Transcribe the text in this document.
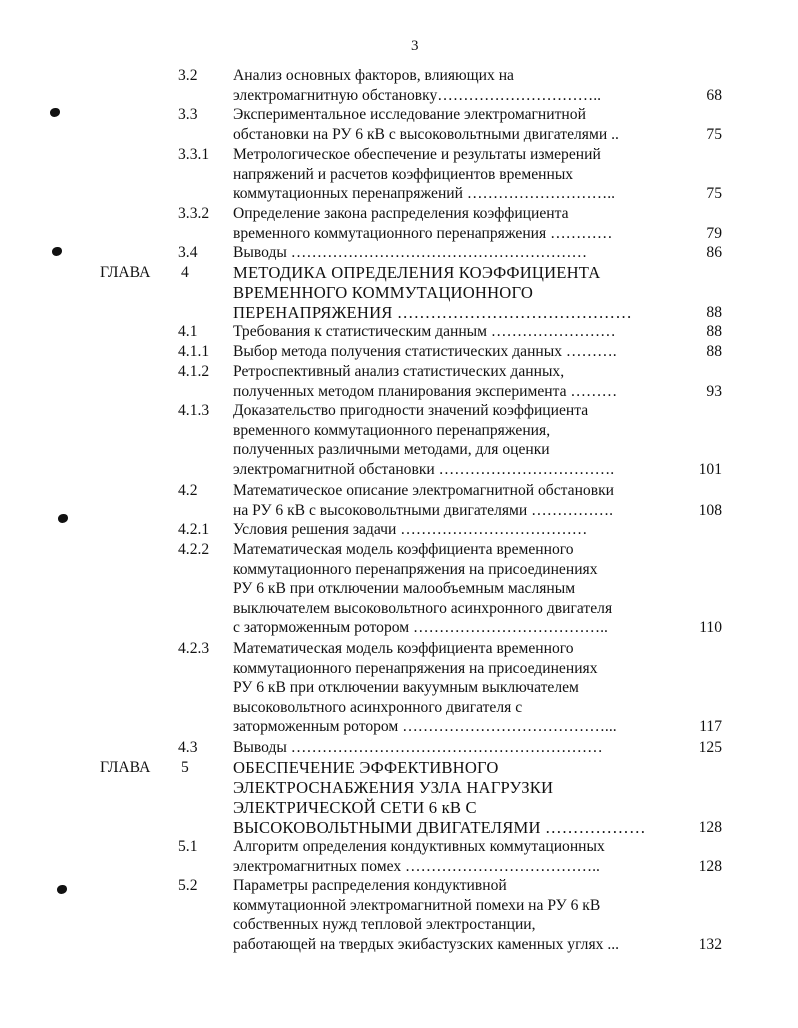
3
3.2 Анализ основных факторов, влияющих на
электромагнитную обстановку…………………………..	68
3.3 Экспериментальное исследование электромагнитной
обстановки на РУ 6 кВ с высоковольтными двигателями ..	75
3.3.1 Метрологическое обеспечение и результаты измерений
напряжений и расчетов коэффициентов временных
коммутационных перенапряжений ………………………..	75
3.3.2 Определение закона распределения коэффициента
временного коммутационного перенапряжения …………	79
3.4 Выводы …………………………………………………	86
ГЛАВА 4	МЕТОДИКА ОПРЕДЕЛЕНИЯ КОЭФФИЦИЕНТА
ВРЕМЕННОГО КОММУТАЦИОННОГО
ПЕРЕНАПРЯЖЕНИЯ ……………………………………	88
4.1 Требования к статистическим данным ……………………	88
4.1.1 Выбор метода получения статистических данных ……….	88
4.1.2 Ретроспективный анализ статистических данных,
полученных методом планирования эксперимента ………	93
4.1.3 Доказательство пригодности значений коэффициента
временного коммутационного перенапряжения,
полученных различными методами, для оценки
электромагнитной обстановки …………………………….	101
4.2 Математическое описание электромагнитной обстановки
на РУ 6 кВ с высоковольтными двигателями …………….	108
4.2.1 Условия решения задачи ………………………………
4.2.2 Математическая модель коэффициента временного
коммутационного перенапряжения на присоединениях
РУ 6 кВ при отключении малообъемным масляным
выключателем высоковольтного асинхронного двигателя
с заторможенным ротором ………………………………..	110
4.2.3 Математическая модель коэффициента временного
коммутационного перенапряжения на присоединениях
РУ 6 кВ при отключении вакуумным выключателем
высоковольтного асинхронного двигателя с
заторможенным ротором …………………………………...	117
4.3 Выводы ……………………………………………………	125
ГЛАВА 5	ОБЕСПЕЧЕНИЕ ЭФФЕКТИВНОГО
ЭЛЕКТРОСНАБЖЕНИЯ УЗЛА НАГРУЗКИ
ЭЛЕКТРИЧЕСКОЙ СЕТИ 6 кВ С
ВЫСОКОВОЛЬТНЫМИ ДВИГАТЕЛЯМИ ………………	128
5.1 Алгоритм определения кондуктивных коммутационных
электромагнитных помех ………………………………..	128
5.2 Параметры распределения кондуктивной
коммутационной электромагнитной помехи на РУ 6 кВ
собственных нужд тепловой электростанции,
работающей на твердых экибастузских каменных углях ...	132
